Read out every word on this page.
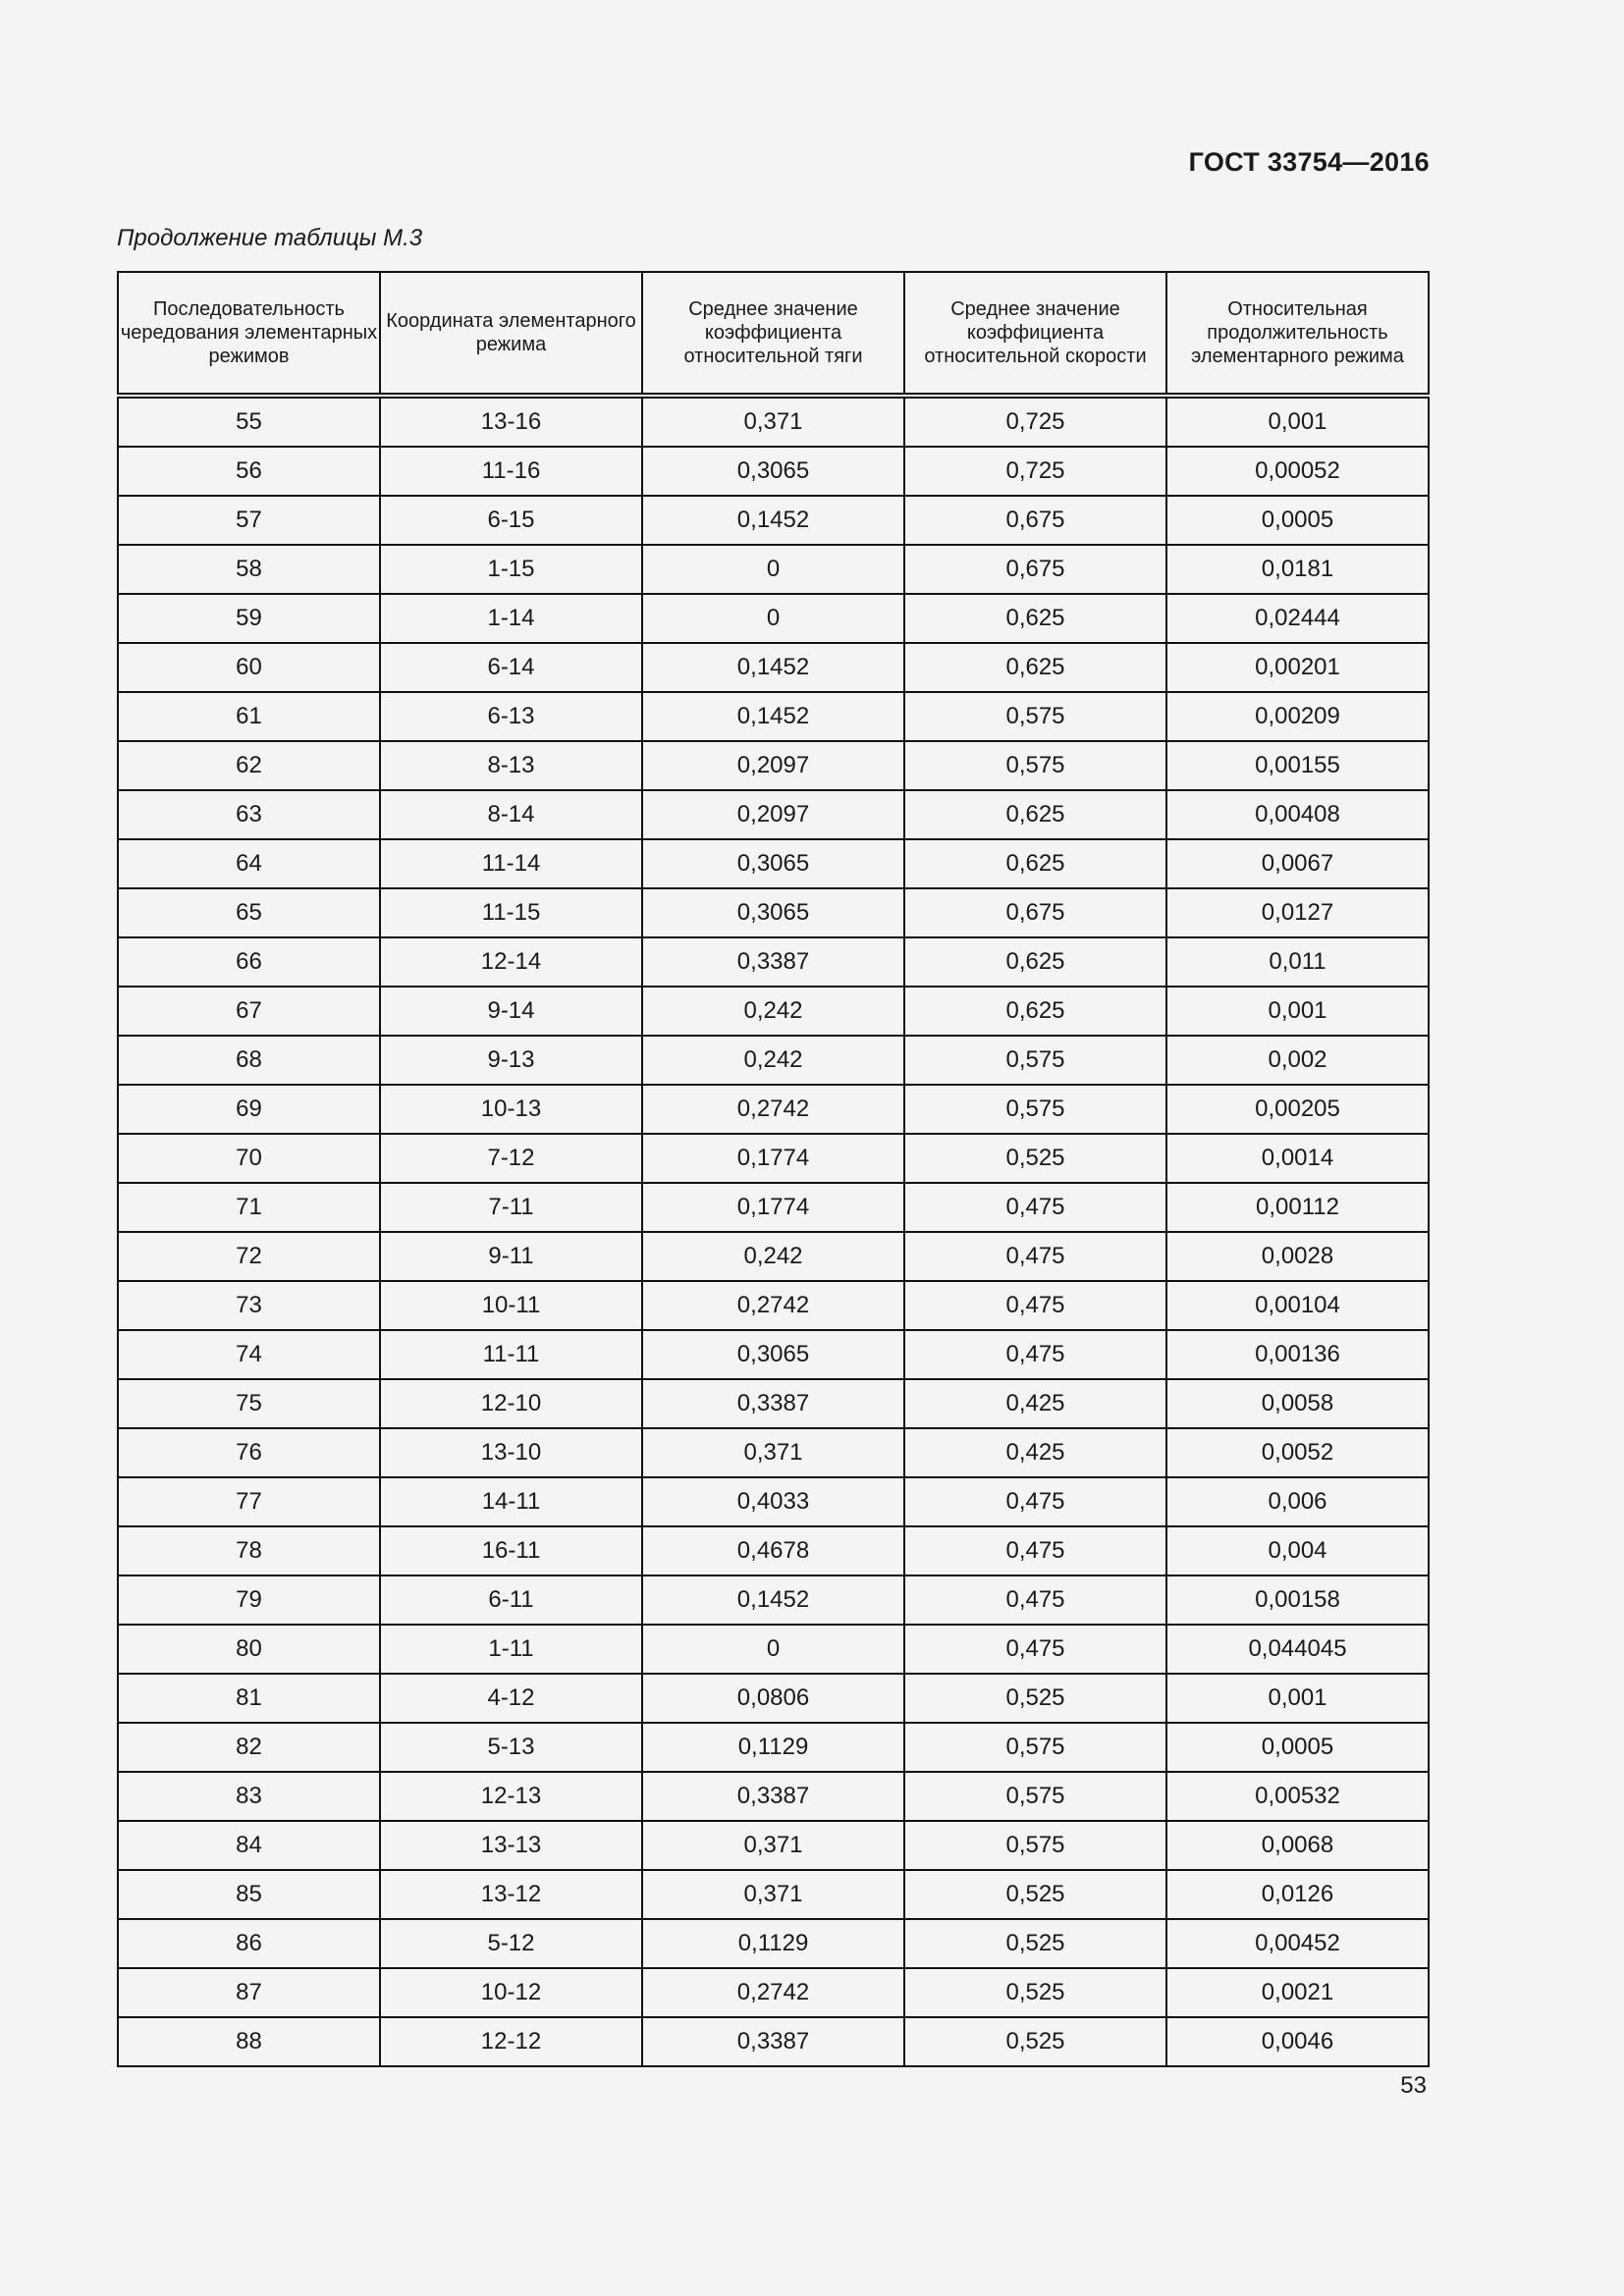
ГОСТ 33754—2016
Продолжение таблицы М.3
Последовательность чередования элементарных режимов	Координата элементарного режима	Среднее значение коэффициента относительной тяги	Среднее значение коэффициента относительной скорости	Относительная продолжительность элементарного режима
55	13-16	0,371	0,725	0,001
56	11-16	0,3065	0,725	0,00052
57	6-15	0,1452	0,675	0,0005
58	1-15	0	0,675	0,0181
59	1-14	0	0,625	0,02444
60	6-14	0,1452	0,625	0,00201
61	6-13	0,1452	0,575	0,00209
62	8-13	0,2097	0,575	0,00155
63	8-14	0,2097	0,625	0,00408
64	11-14	0,3065	0,625	0,0067
65	11-15	0,3065	0,675	0,0127
66	12-14	0,3387	0,625	0,011
67	9-14	0,242	0,625	0,001
68	9-13	0,242	0,575	0,002
69	10-13	0,2742	0,575	0,00205
70	7-12	0,1774	0,525	0,0014
71	7-11	0,1774	0,475	0,00112
72	9-11	0,242	0,475	0,0028
73	10-11	0,2742	0,475	0,00104
74	11-11	0,3065	0,475	0,00136
75	12-10	0,3387	0,425	0,0058
76	13-10	0,371	0,425	0,0052
77	14-11	0,4033	0,475	0,006
78	16-11	0,4678	0,475	0,004
79	6-11	0,1452	0,475	0,00158
80	1-11	0	0,475	0,044045
81	4-12	0,0806	0,525	0,001
82	5-13	0,1129	0,575	0,0005
83	12-13	0,3387	0,575	0,00532
84	13-13	0,371	0,575	0,0068
85	13-12	0,371	0,525	0,0126
86	5-12	0,1129	0,525	0,00452
87	10-12	0,2742	0,525	0,0021
88	12-12	0,3387	0,525	0,0046
53
